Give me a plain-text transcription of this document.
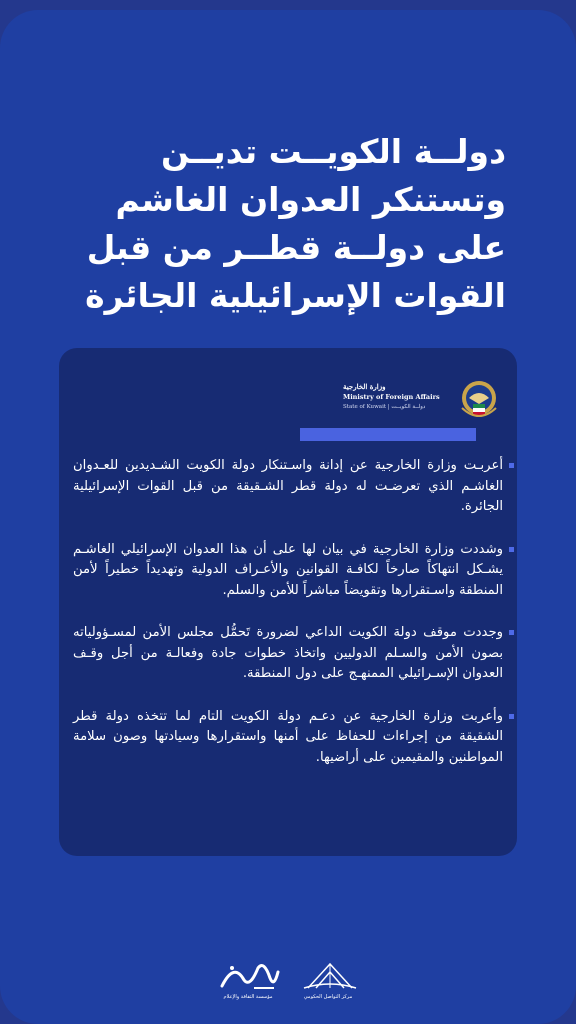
دولــة الكويــت تديــن
وتستنكر العدوان الغاشم
على دولــة قطــر من قبل
القوات الإسرائيلية الجائرة
وزارة الخارجية
Ministry of Foreign Affairs
State of Kuwait | دولــة الكويــت
أعربـت وزارة الخارجية عن إدانة واسـتنكار دولة الكويت الشـديدين للعـدوان الغاشـم الذي تعرضـت له دولة قطر الشـقيقة من قبل القوات الإسرائيلية الجائرة.
وشددت وزارة الخارجية في بيان لها على أن هذا العدوان الإسرائيلي الغاشـم يشـكل انتهاكاً صارخاً لكافـة القوانين والأعـراف الدولية وتهديداً خطيراً لأمن المنطقة واسـتقرارها وتقويضاً مباشراً للأمن والسلم.
وجددت موقف دولة الكويت الداعي لضرورة تَحمُّل مجلس الأمن لمسـؤولياته بصون الأمن والسـلم الدوليين واتخاذ خطوات جادة وفعالـة من أجل وقـف العدوان الإسـرائيلي الممنهـج على دول المنطقة.
وأعربت وزارة الخارجية عن دعـم دولة الكويت التام لما تتخذه دولة قطر الشقيقة من إجراءات للحفاظ على أمنها واستقرارها وسيادتها وصون سلامة المواطنين والمقيمين على أراضيها.
مؤسسة الثقافة والإعلام	مركز التواصل الحكومي
